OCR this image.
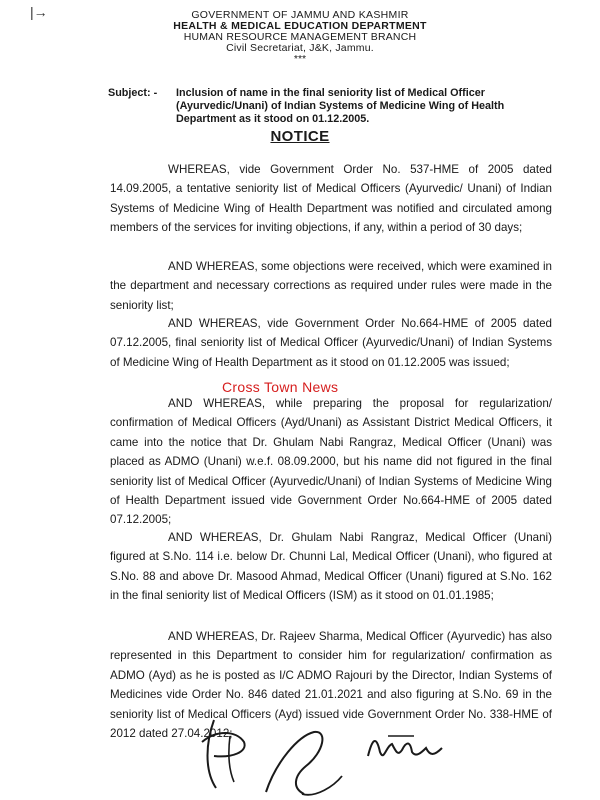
|→	GOVERNMENT OF JAMMU AND KASHMIR
HEALTH & MEDICAL EDUCATION DEPARTMENT
HUMAN RESOURCE MANAGEMENT BRANCH
Civil Secretariat, J&K, Jammu.
***
Subject: - Inclusion of name in the final seniority list of Medical Officer (Ayurvedic/Unani) of Indian Systems of Medicine Wing of Health Department as it stood on 01.12.2005.
NOTICE
WHEREAS, vide Government Order No. 537-HME of 2005 dated 14.09.2005, a tentative seniority list of Medical Officers (Ayurvedic/ Unani) of Indian Systems of Medicine Wing of Health Department was notified and circulated among members of the services for inviting objections, if any, within a period of 30 days;
AND WHEREAS, some objections were received, which were examined in the department and necessary corrections as required under rules were made in the seniority list;
AND WHEREAS, vide Government Order No.664-HME of 2005 dated 07.12.2005, final seniority list of Medical Officer (Ayurvedic/Unani) of Indian Systems of Medicine Wing of Health Department as it stood on 01.12.2005 was issued;
AND WHEREAS, while preparing the proposal for regularization/ confirmation of Medical Officers (Ayd/Unani) as Assistant District Medical Officers, it came into the notice that Dr. Ghulam Nabi Rangraz, Medical Officer (Unani) was placed as ADMO (Unani) w.e.f. 08.09.2000, but his name did not figured in the final seniority list of Medical Officer (Ayurvedic/Unani) of Indian Systems of Medicine Wing of Health Department issued vide Government Order No.664-HME of 2005 dated 07.12.2005;
AND WHEREAS, Dr. Ghulam Nabi Rangraz, Medical Officer (Unani) figured at S.No. 114 i.e. below Dr. Chunni Lal, Medical Officer (Unani), who figured at S.No. 88 and above Dr. Masood Ahmad, Medical Officer (Unani) figured at S.No. 162 in the final seniority list of Medical Officers (ISM) as it stood on 01.01.1985;
AND WHEREAS, Dr. Rajeev Sharma, Medical Officer (Ayurvedic) has also represented in this Department to consider him for regularization/ confirmation as ADMO (Ayd) as he is posted as I/C ADMO Rajouri by the Director, Indian Systems of Medicines vide Order No. 846 dated 21.01.2021 and also figuring at S.No. 69 in the seniority list of Medical Officers (Ayd) issued vide Government Order No. 338-HME of 2012 dated 27.04.2012;
Cross Town News
